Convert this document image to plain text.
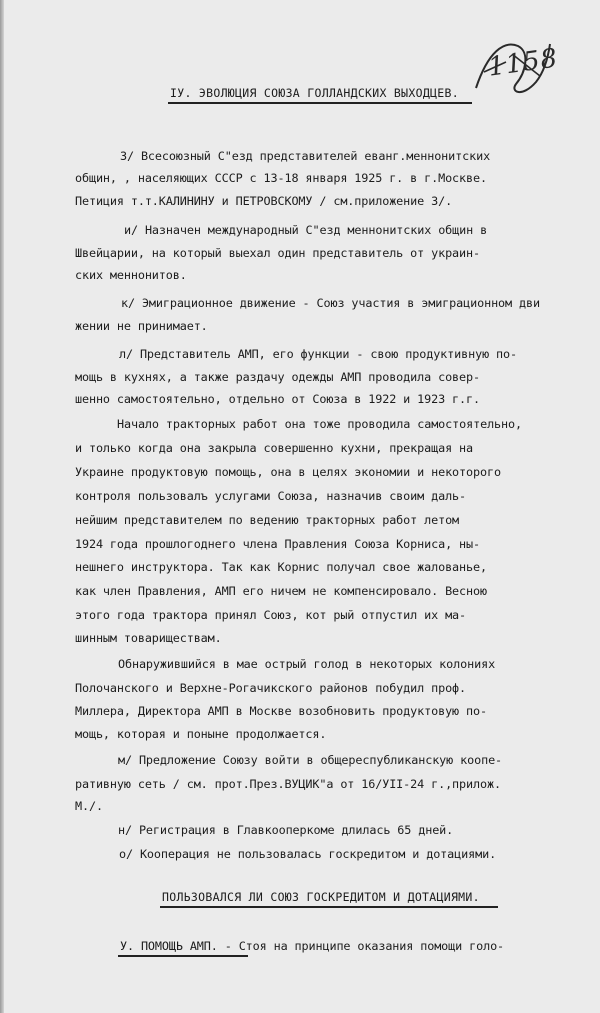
1158
IУ. ЭВОЛЮЦИЯ СОЮЗА ГОЛЛАНДСКИХ ВЫХОДЦЕВ.
З/ Всесоюзный С"езд представителей еванг.меннонитских
общин, , населяющих СССР с 13-18 января 1925 г. в г.Москве.
Петиция т.т.КАЛИНИНУ и ПЕТРОВСКОМУ / см.приложение З/.
и/ Назначен международный С"езд меннонитских общин в
Швейцарии, на который выехал один представитель от украин-
ских меннонитов.
к/ Эмиграционное движение - Союз участия в эмиграционном дви
жении не принимает.
л/ Представитель АМП, его функции - свою продуктивную по-
мощь в кухнях, а также раздачу одежды АМП проводила совер-
шенно самостоятельно, отдельно от Союза в 1922 и 1923 г.г.
Начало тракторных работ она тоже проводила самостоятельно,
и только когда она закрыла совершенно кухни, прекращая на
Украине продуктовую помощь, она в целях экономии и некоторого
контроля пользовалъ услугами Союза, назначив своим даль-
нейшим представителем по ведению тракторных работ летом
1924 года прошлогоднего члена Правления Союза Корниса, ны-
нешнего инструктора. Так как Корнис получал свое жалованье,
как член Правления, АМП его ничем не компенсировало. Весною
этого года трактора принял Союз, кот рый отпустил их ма-
шинным товариществам.
Обнаружившийся в мае острый голод в некоторых колониях
Полочанского и Верхне-Рогачикского районов побудил проф.
Миллера, Директора АМП в Москве возобновить продуктовую по-
мощь, которая и поныне продолжается.
м/ Предложение Союзу войти в общереспубликанскую коопе-
ративную сеть / см. прот.През.ВУЦИК"а от 16/УII-24 г.,прилож.
М./.
н/ Регистрация в Главкооперкоме длилась 65 дней.
о/ Кооперация не пользовалась госкредитом и дотациями.
ПОЛЬЗОВАЛСЯ ЛИ СОЮЗ ГОСКРЕДИТОМ И ДОТАЦИЯМИ.
У. ПОМОЩЬ АМП. - Стоя на принципе оказания помощи голо-
